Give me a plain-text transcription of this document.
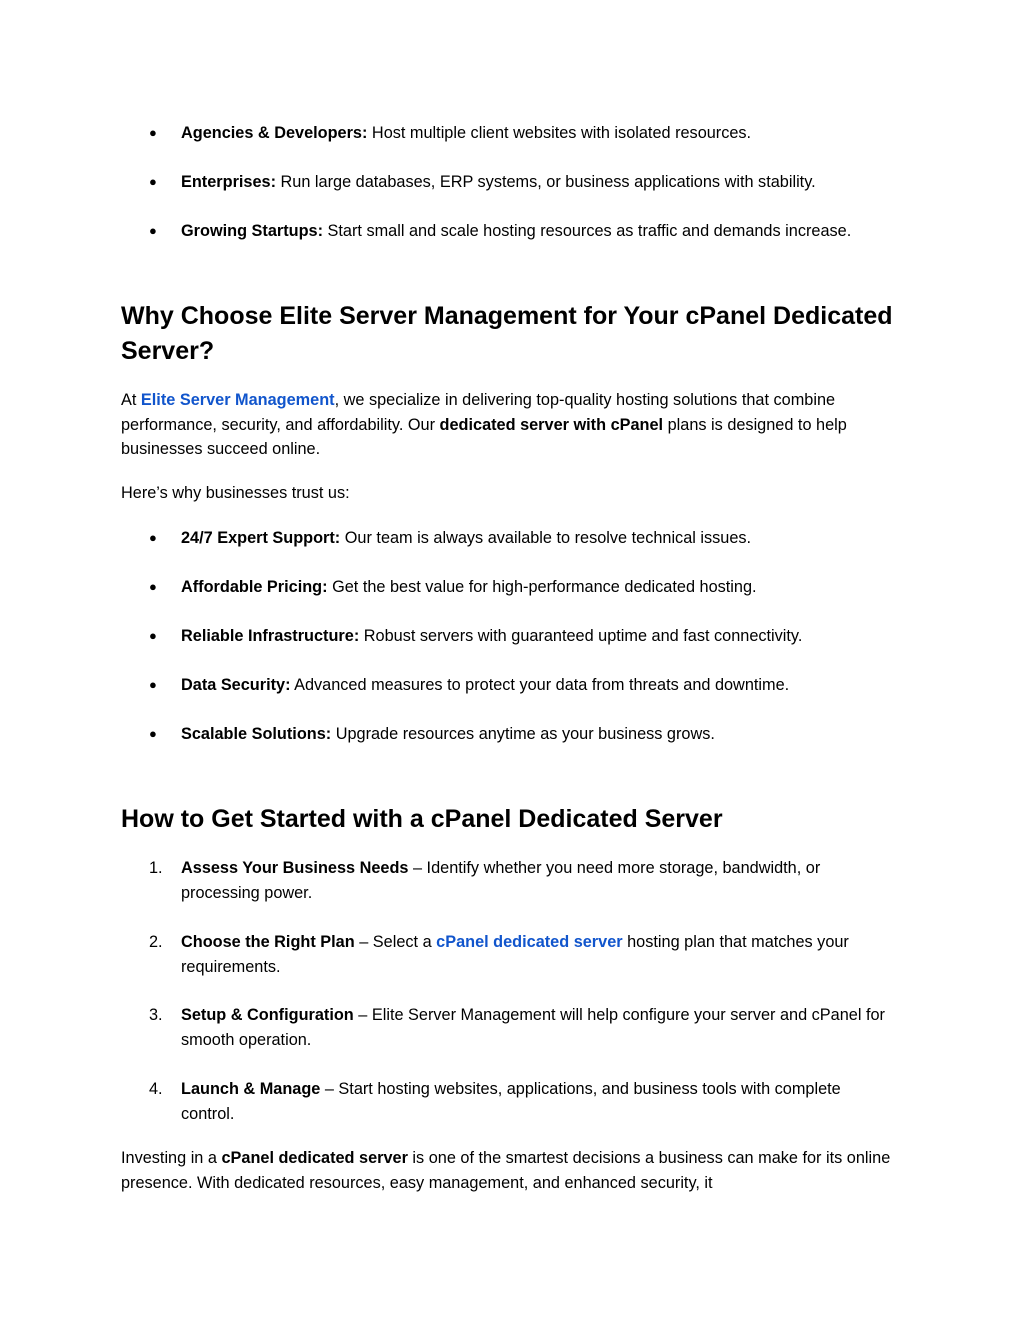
●	Agencies & Developers: Host multiple client websites with isolated resources.
●	Enterprises: Run large databases, ERP systems, or business applications with stability.
●	Growing Startups: Start small and scale hosting resources as traffic and demands increase.
Why Choose Elite Server Management for Your cPanel Dedicated Server?
At Elite Server Management, we specialize in delivering top-quality hosting solutions that combine performance, security, and affordability. Our dedicated server with cPanel plans is designed to help businesses succeed online.
Here’s why businesses trust us:
●	24/7 Expert Support: Our team is always available to resolve technical issues.
●	Affordable Pricing: Get the best value for high-performance dedicated hosting.
●	Reliable Infrastructure: Robust servers with guaranteed uptime and fast connectivity.
●	Data Security: Advanced measures to protect your data from threats and downtime.
●	Scalable Solutions: Upgrade resources anytime as your business grows.
How to Get Started with a cPanel Dedicated Server
1.	Assess Your Business Needs – Identify whether you need more storage, bandwidth, or processing power.
2.	Choose the Right Plan – Select a cPanel dedicated server hosting plan that matches your requirements.
3.	Setup & Configuration – Elite Server Management will help configure your server and cPanel for smooth operation.
4.	Launch & Manage – Start hosting websites, applications, and business tools with complete control.
Investing in a cPanel dedicated server is one of the smartest decisions a business can make for its online presence. With dedicated resources, easy management, and enhanced security, it
